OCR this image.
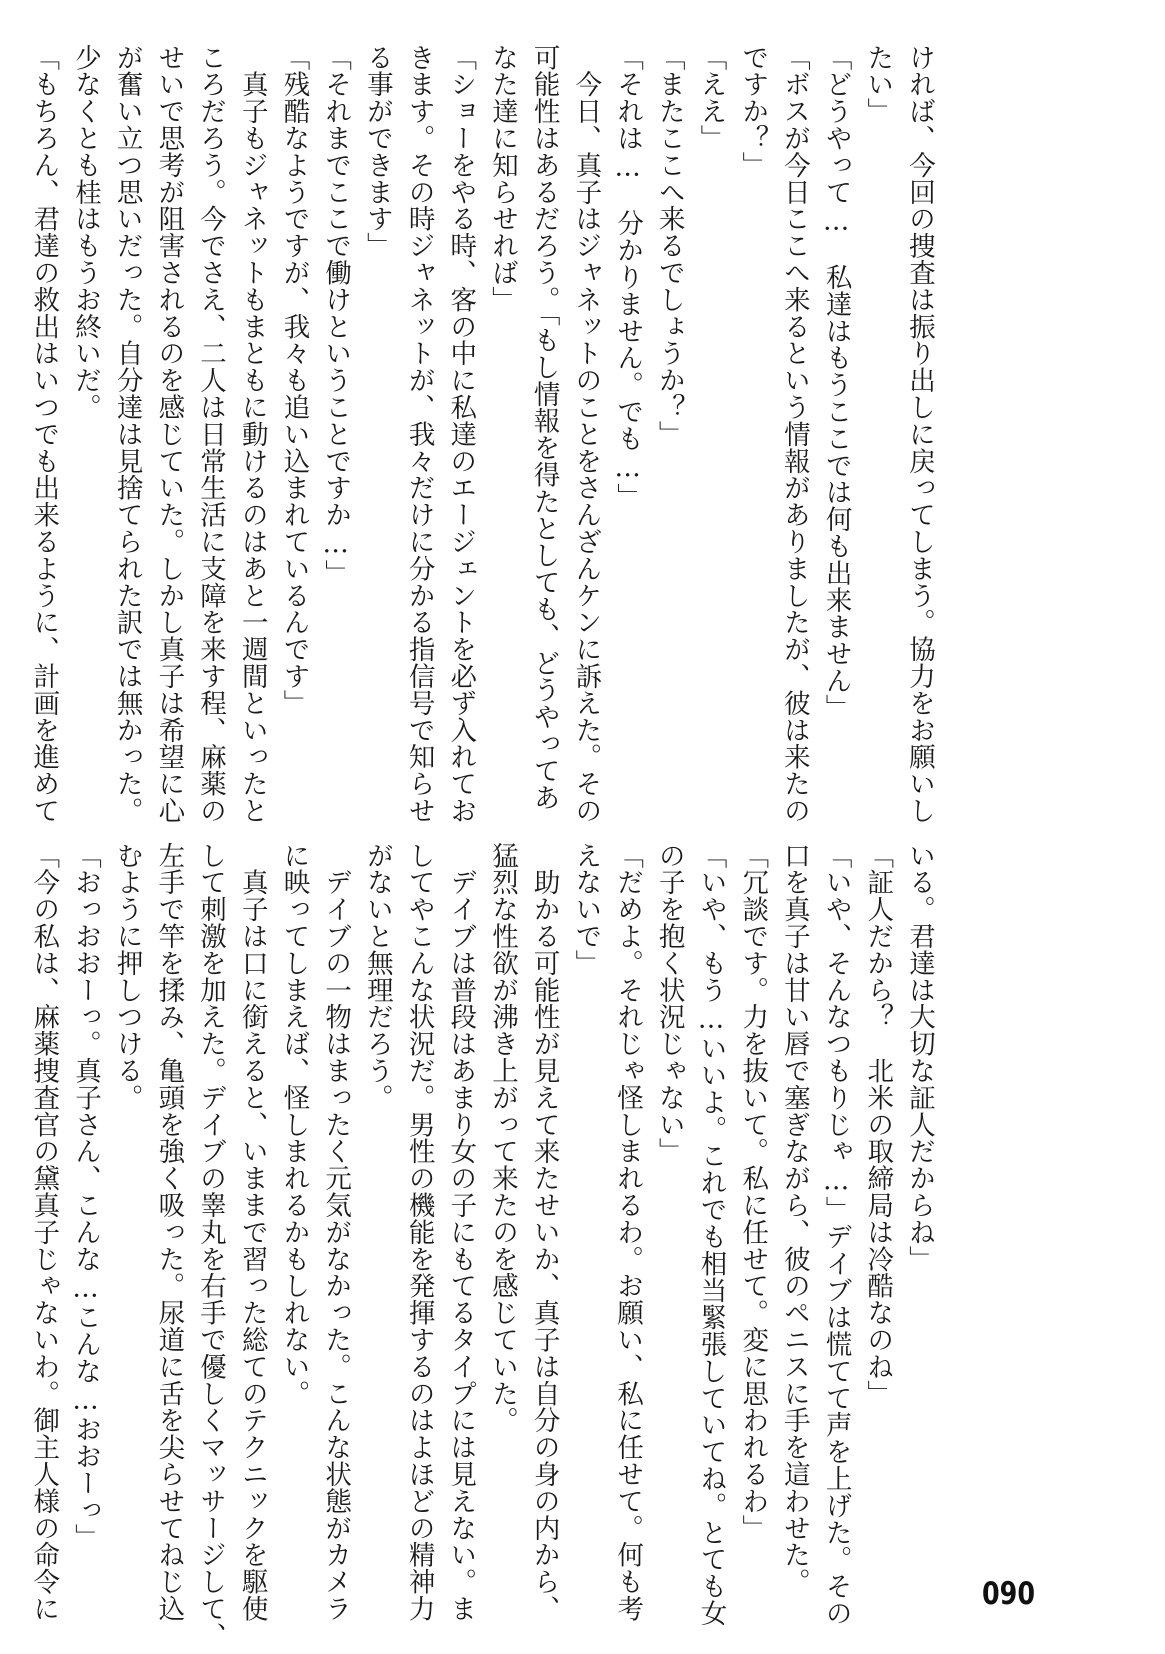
ければ、今回の捜査は振り出しに戻ってしまう。協力をお願いし
たい」
「どうやって…　私達はもうここでは何も出来ません」
「ボスが今日ここへ来るという情報がありましたが、彼は来たの
ですか？」
「ええ」
「またここへ来るでしょうか？」
「それは…　分かりません。でも…」
　今日、真子はジャネットのことをさんざんケンに訴えた。その
可能性はあるだろう。「もし情報を得たとしても、どうやってあ
なた達に知らせれば」
「ショーをやる時、客の中に私達のエージェントを必ず入れてお
きます。その時ジャネットが、我々だけに分かる指信号で知らせ
る事ができます」
「それまでここで働けということですか…」
「残酷なようですが、我々も追い込まれているんです」
　真子もジャネットもまともに動けるのはあと一週間といったと
ころだろう。今でさえ、二人は日常生活に支障を来す程、麻薬の
せいで思考が阻害されるのを感じていた。しかし真子は希望に心
が奮い立つ思いだった。自分達は見捨てられた訳では無かった。
少なくとも桂はもうお終いだ。
「もちろん、君達の救出はいつでも出来るように、計画を進めて
いる。君達は大切な証人だからね」
「証人だから？　北米の取締局は冷酷なのね」
「いや、そんなつもりじゃ…」デイブは慌てて声を上げた。その
口を真子は甘い唇で塞ぎながら、彼のペニスに手を這わせた。
「冗談です。力を抜いて。私に任せて。変に思われるわ」
「いや、もう…いいよ。これでも相当緊張していてね。とても女
の子を抱く状況じゃない」
「だめよ。それじゃ怪しまれるわ。お願い、私に任せて。何も考
えないで」
　助かる可能性が見えて来たせいか、真子は自分の身の内から、
猛烈な性欲が沸き上がって来たのを感じていた。
　デイブは普段はあまり女の子にもてるタイプには見えない。ま
してやこんな状況だ。男性の機能を発揮するのはよほどの精神力
がないと無理だろう。
　デイブの一物はまったく元気がなかった。こんな状態がカメラ
に映ってしまえば、怪しまれるかもしれない。
　真子は口に銜えると、いままで習った総てのテクニックを駆使
して刺激を加えた。デイブの睾丸を右手で優しくマッサージして、
左手で竿を揉み、亀頭を強く吸った。尿道に舌を尖らせてねじ込
むように押しつける。
「おっおおーっ。真子さん、こんな…こんな…おおーっ」
「今の私は、麻薬捜査官の黛真子じゃないわ。御主人様の命令に	090
